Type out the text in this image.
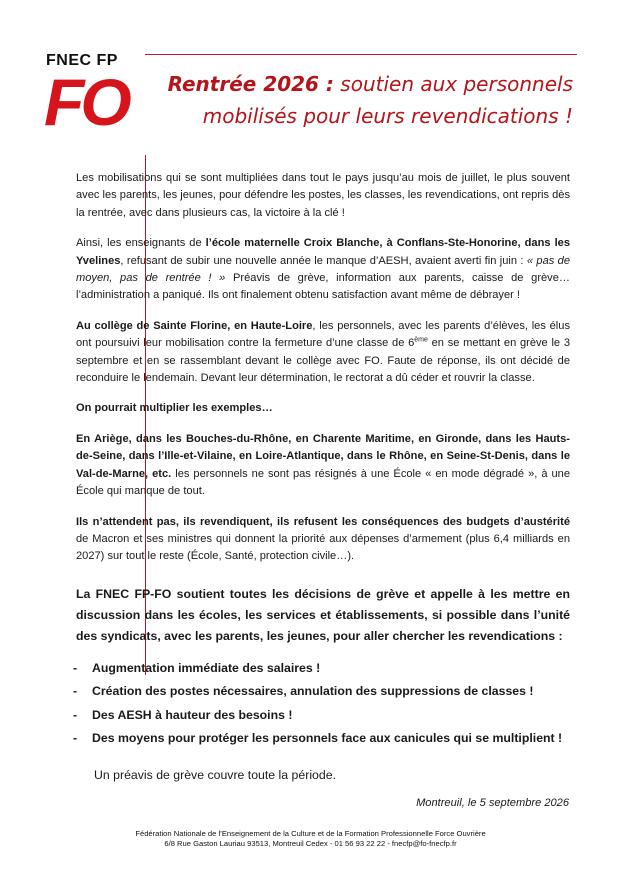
FNEC FP
FO	Rentrée 2026 : soutien aux personnels
mobilisés pour leurs revendications !

Les mobilisations qui se sont multipliées dans tout le pays jusqu’au mois de juillet, le plus souvent avec les parents, les jeunes, pour défendre les postes, les classes, les revendications, ont repris dès la rentrée, avec dans plusieurs cas, la victoire à la clé !

Ainsi, les enseignants de l’école maternelle Croix Blanche, à Conflans-Ste-Honorine, dans les Yvelines, refusant de subir une nouvelle année le manque d’AESH, avaient averti fin juin : « pas de moyen, pas de rentrée ! » Préavis de grève, information aux parents, caisse de grève… l’administration a paniqué. Ils ont finalement obtenu satisfaction avant même de débrayer !

Au collège de Sainte Florine, en Haute-Loire, les personnels, avec les parents d’élèves, les élus ont poursuivi leur mobilisation contre la fermeture d’une classe de 6ème en se mettant en grève le 3 septembre et en se rassemblant devant le collège avec FO. Faute de réponse, ils ont décidé de reconduire le lendemain. Devant leur détermination, le rectorat a dû céder et rouvrir la classe.

On pourrait multiplier les exemples…

En Ariège, dans les Bouches-du-Rhône, en Charente Maritime, en Gironde, dans les Hauts-de-Seine, dans l’Ille-et-Vilaine, en Loire-Atlantique, dans le Rhône, en Seine-St-Denis, dans le Val-de-Marne, etc. les personnels ne sont pas résignés à une École « en mode dégradé », à une École qui manque de tout.

Ils n’attendent pas, ils revendiquent, ils refusent les conséquences des budgets d’austérité de Macron et ses ministres qui donnent la priorité aux dépenses d’armement (plus 6,4 milliards en 2027) sur tout le reste (École, Santé, protection civile…).

La FNEC FP-FO soutient toutes les décisions de grève et appelle à les mettre en discussion dans les écoles, les services et établissements, si possible dans l’unité des syndicats, avec les parents, les jeunes, pour aller chercher les revendications :
- Augmentation immédiate des salaires !
- Création des postes nécessaires, annulation des suppressions de classes !
- Des AESH à hauteur des besoins !
- Des moyens pour protéger les personnels face aux canicules qui se multiplient !
Un préavis de grève couvre toute la période.
Montreuil, le 5 septembre 2026
Fédération Nationale de l’Enseignement de la Culture et de la Formation Professionnelle Force Ouvrière
6/8 Rue Gaston Lauriau 93513, Montreuil Cedex - 01 56 93 22 22 - fnecfp@fo-fnecfp.fr
